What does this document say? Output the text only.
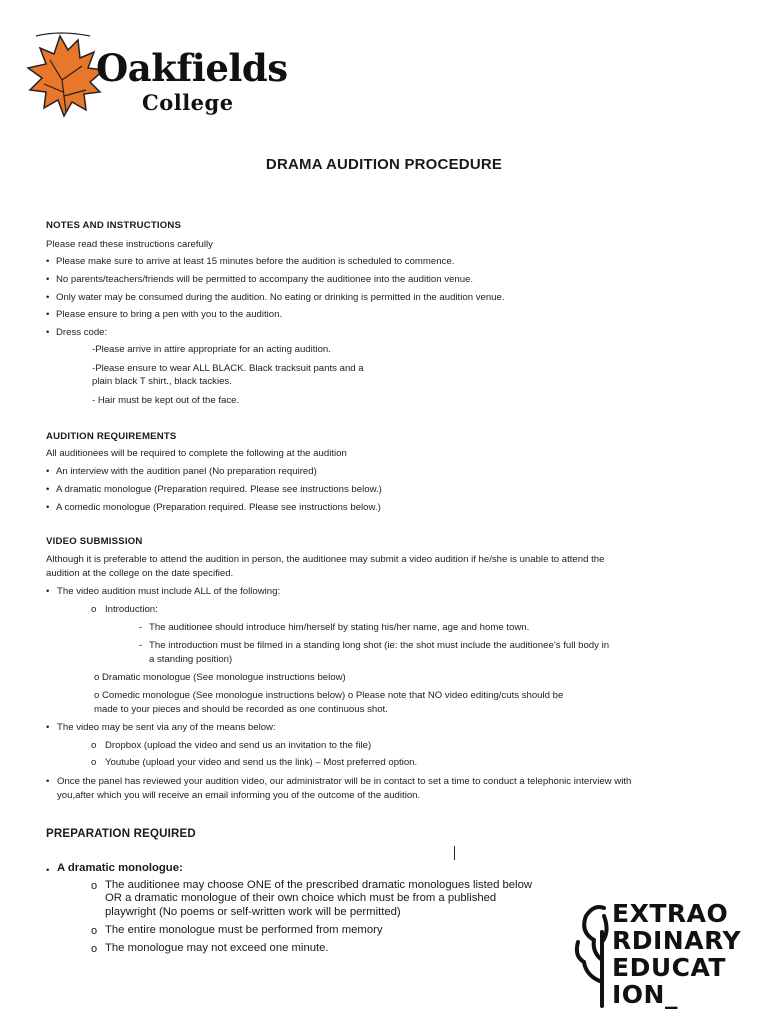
Oakfields
College
DRAMA AUDITION PROCEDURE
NOTES AND INSTRUCTIONS
Please read these instructions carefully
• Please make sure to arrive at least 15 minutes before the audition is scheduled to commence.
• No parents/teachers/friends will be permitted to accompany the auditionee into the audition venue.
• Only water may be consumed during the audition. No eating or drinking is permitted in the audition venue.
• Please ensure to bring a pen with you to the audition.
• Dress code:
-Please arrive in attire appropriate for an acting audition.
-Please ensure to wear ALL BLACK. Black tracksuit pants and a
plain black T shirt., black tackies.
- Hair must be kept out of the face.
AUDITION REQUIREMENTS
All auditionees will be required to complete the following at the audition
• An interview with the audition panel (No preparation required)
• A dramatic monologue (Preparation required. Please see instructions below.)
• A comedic monologue (Preparation required. Please see instructions below.)
VIDEO SUBMISSION
Although it is preferable to attend the audition in person, the auditionee may submit a video audition if he/she is unable to attend the
audition at the college on the date specified.
• The video audition must include ALL of the following:
o Introduction:
- The auditionee should introduce him/herself by stating his/her name, age and home town.
- The introduction must be filmed in a standing long shot (ie: the shot must include the auditionee’s full body in
a standing position)
o Dramatic monologue (See monologue instructions below)
o Comedic monologue (See monologue instructions below) o Please note that NO video editing/cuts should be
made to your pieces and should be recorded as one continuous shot.
• The video may be sent via any of the means below:
o Dropbox (upload the video and send us an invitation to the file)
o Youtube (upload your video and send us the link) – Most preferred option.
• Once the panel has reviewed your audition video, our administrator will be in contact to set a time to conduct a telephonic interview with
you,after which you will receive an email informing you of the outcome of the audition.
PREPARATION REQUIRED
• A dramatic monologue:
o The auditionee may choose ONE of the prescribed dramatic monologues listed below
OR a dramatic monologue of their own choice which must be from a published
playwright (No poems or self-written work will be permitted)
o The entire monologue must be performed from memory
o The monologue may not exceed one minute.
EXTRAO
RDINARY
EDUCAT
ION_
